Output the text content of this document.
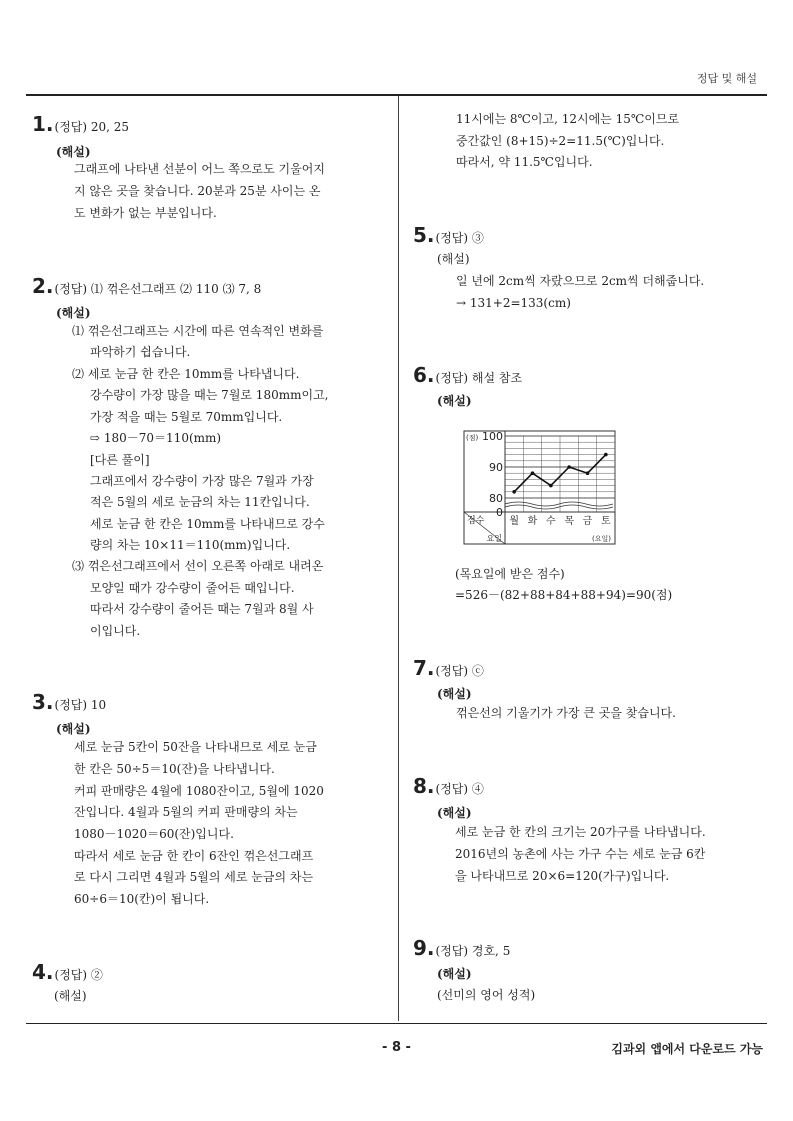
정답 및 해설
- 8 -	김과외 앱에서 다운로드 가능
1.(정답) 20, 25
(해설)
그래프에 나타낸 선분이 어느 쪽으로도 기울어지
지 않은 곳을 찾습니다. 20분과 25분 사이는 온
도 변화가 없는 부분입니다.
2.(정답) ⑴ 꺾은선그래프 ⑵ 110 ⑶ 7, 8
(해설)
⑴ 꺾은선그래프는 시간에 따른 연속적인 변화를
파악하기 쉽습니다.
⑵ 세로 눈금 한 칸은 10mm를 나타냅니다.
강수량이 가장 많을 때는 7월로 180mm이고,
가장 적을 때는 5월로 70mm입니다.
⇨ 180－70＝110(mm)
[다른 풀이]
그래프에서 강수량이 가장 많은 7월과 가장
적은 5월의 세로 눈금의 차는 11칸입니다.
세로 눈금 한 칸은 10mm를 나타내므로 강수
량의 차는 10×11＝110(mm)입니다.
⑶ 꺾은선그래프에서 선이 오른쪽 아래로 내려온
모양일 때가 강수량이 줄어든 때입니다.
따라서 강수량이 줄어든 때는 7월과 8월 사
이입니다.
3.(정답) 10
(해설)
세로 눈금 5칸이 50잔을 나타내므로 세로 눈금
한 칸은 50÷5＝10(잔)을 나타냅니다.
커피 판매량은 4월에 1080잔이고, 5월에 1020
잔입니다. 4월과 5월의 커피 판매량의 차는
1080－1020＝60(잔)입니다.
따라서 세로 눈금 한 칸이 6잔인 꺾은선그래프
로 다시 그리면 4월과 5월의 세로 눈금의 차는
60÷6＝10(칸)이 됩니다.
4.(정답) ②
(해설)
11시에는 8℃이고, 12시에는 15℃이므로
중간값인 (8+15)÷2=11.5(℃)입니다.
따라서, 약 11.5℃입니다.
5.(정답) ③
(해설)
일 년에 2cm씩 자랐으므로 2cm씩 더해줍니다.
→ 131+2=133(cm)
6.(정답) 해설 참조
(해설)
100
90
80
0
(점)
월 화 수 목 금 토
(요일)
점수
요일
(목요일에 받은 점수)
=526－(82+88+84+88+94)=90(점)
7.(정답) ⓒ
(해설)
꺾은선의 기울기가 가장 큰 곳을 찾습니다.
8.(정답) ④
(해설)
세로 눈금 한 칸의 크기는 20가구를 나타냅니다.
2016년의 농촌에 사는 가구 수는 세로 눈금 6칸
을 나타내므로 20×6=120(가구)입니다.
9.(정답) 경호, 5
(해설)
(선미의 영어 성적)
